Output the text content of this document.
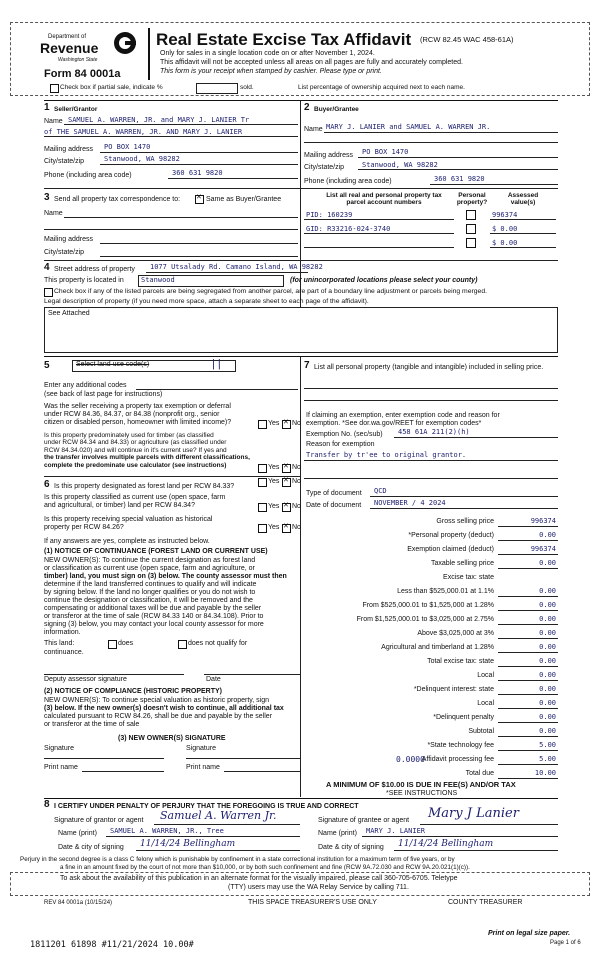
Department of
Revenue
Washington State
Form 84 0001a
Real Estate Excise Tax Affidavit (RCW 82.45 WAC 458-61A)
Only for sales in a single location code on or after November 1, 2024.
This affidavit will not be accepted unless all areas on all pages are fully and accurately completed.
This form is your receipt when stamped by cashier. Please type or print.
Check box if partial sale, indicate %	sold.	List percentage of ownership acquired next to each name.
1 Seller/Grantor
Name SAMUEL A. WARREN, JR. and MARY J. LANIER Tr
of THE SAMUEL A. WARREN, JR. AND MARY J. LANIER
Mailing address PO BOX 1470
City/state/zip	Stanwood, WA 98282
Phone (including area code)	360 631 9820
2 Buyer/Grantee
Name MARY J. LANIER and SAMUEL A. WARREN JR.
Mailing address PO BOX 1470
City/state/zip	Stanwood, WA 98282
Phone (including area code)	360 631 9820
3 Send all property tax correspondence to: ✕	Same as Buyer/Grantee
Name
Mailing address
City/state/zip
List all real and personal property tax parcel account numbers
Personal property?
Assessed value(s)
PID: 160239	996374
GID: R33216-024-3740	$ 0.00
$ 0.00
4 Street address of property 1077 Utsalady Rd. Camano Island, WA 98282
This property is located in Stanwood	(for unincorporated locations please select your county)
Check box if any of the listed parcels are being segregated from another parcel, are part of a boundary line adjustment or parcels being merged.
Legal description of property (if you need more space, attach a separate sheet to each page of the affidavit).
See Attached
5	Select land use code(s)	| |
Enter any additional codes
(see back of last page for instructions)
Was the seller receiving a property tax exemption or deferral
under RCW 84.36, 84.37, or 84.38 (nonprofit org., senior
citizen or disabled person, homeowner with limited income)?	Yes ✕ No
Is this property predominately used for timber (as classified
under RCW 84.34 and 84.33) or agriculture (as classified under
RCW 84.34.020) and will continue in it's current use? If yes and
the transfer involves multiple parcels with different classifications,
complete the predominate use calculator (see instructions)	Yes ✕ No
6 Is this property designated as forest land per RCW 84.33?
Yes ✕ No
Is this property classified as current use (open space, farm
and agricultural, or timber) land per RCW 84.34?	Yes ✕ No
Is this property receiving special valuation as historical
property per RCW 84.26?	Yes ✕ No
If any answers are yes, complete as instructed below.
(1) NOTICE OF CONTINUANCE (FOREST LAND OR CURRENT USE)
NEW OWNER(S): To continue the current designation as forest land
or classification as current use (open space, farm and agriculture, or
timber) land, you must sign on (3) below. The county assessor must then
determine if the land transferred continues to qualify and will indicate
by signing below. If the land no longer qualifies or you do not wish to
continue the designation or classification, it will be removed and the
compensating or additional taxes will be due and payable by the seller
or transferor at the time of sale (RCW 84.33 140 or 84.34.108). Prior to
signing (3) below, you may contact your local county assessor for more
information.
This land:	does	does not qualify for
continuance.
Deputy assessor signature	Date
(2) NOTICE OF COMPLIANCE (HISTORIC PROPERTY)
NEW OWNER(S): To continue special valuation as historic property, sign
(3) below. If the new owner(s) doesn't wish to continue, all additional tax
calculated pursuant to RCW 84.26, shall be due and payable by the seller
or transferor at the time of sale
(3) NEW OWNER(S) SIGNATURE
Signature	Signature
Print name	Print name
7 List all personal property (tangible and intangible) included in selling price.
If claiming an exemption, enter exemption code and reason for
exemption. *See dor.wa.gov/REET for exemption codes*
Exemption No. (sec/sub) 458 61A 211(2)(h)
Reason for exemption
Transfer by tr'ee to original grantor.
Type of document QCD
Date of document NOVEMBER / 4 2024
Gross selling price	996374
*Personal property (deduct)	0.00
Exemption claimed (deduct)	996374
Taxable selling price	0.00
Excise tax: state
Less than $525,000.01 at 1.1%	0.00
From $525,000.01 to $1,525,000 at 1.28%	0.00
From $1,525,000.01 to $3,025,000 at 2.75%	0.00
Above $3,025,000 at 3%	0.00
Agricultural and timberland at 1.28%	0.00
Total excise tax: state	0.00
Local	0.00
*Delinquent interest: state	0.00
Local	0.00
*Delinquent penalty	0.00
Subtotal	0.00
*State technology fee	5.00
Affidavit processing fee	5.00
Total due	10.00
0.0000
A MINIMUM OF $10.00 IS DUE IN FEE(S) AND/OR TAX
*SEE INSTRUCTIONS
8 I CERTIFY UNDER PENALTY OF PERJURY THAT THE FOREGOING IS TRUE AND CORRECT
Signature of grantor or agent Samuel A. Warren Jr.
Name (print) SAMUEL A. WARREN, JR., Tree
Date & city of signing 11/14/24 Bellingham
Signature of grantee or agent Mary J Lanier
Name (print) MARY J. LANIER
Date & city of signing 11/14/24 Bellingham
Perjury in the second degree is a class C felony which is punishable by confinement in a state correctional institution for a maximum term of five years, or by
a fine in an amount fixed by the court of not more than $10,000, or by both such confinement and fine (RCW 9A.72.030 and RCW 9A.20.021(1)(c)).
To ask about the availability of this publication in an alternate format for the visually impaired, please call 360-705-6705. Teletype
(TTY) users may use the WA Relay Service by calling 711.
REV 84 0001a (10/15/24)	THIS SPACE TREASURER'S USE ONLY	COUNTY TREASURER
1811201 61898 #11/21/2024 10.00#
Print on legal size paper.
Page 1 of 6
